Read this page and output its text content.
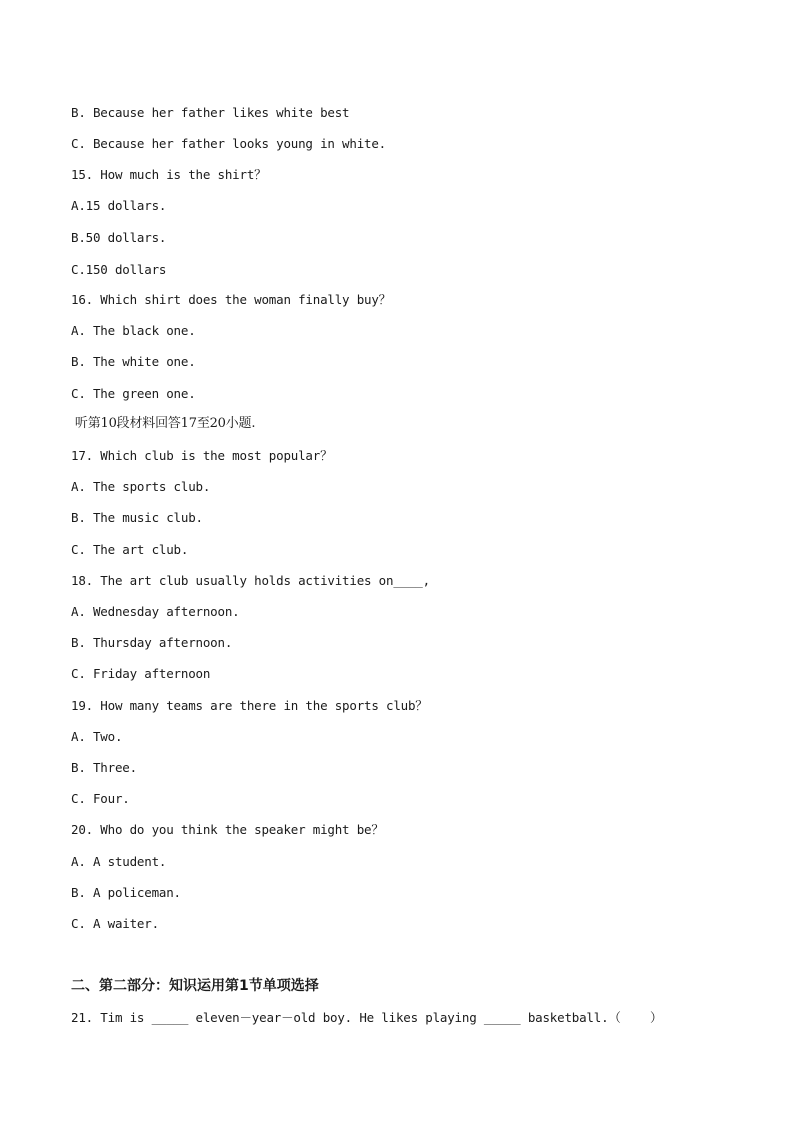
B. Because her father likes white best
C. Because her father looks young in white.
15. How much is the shirt？
A.15 dollars.
B.50 dollars.
C.150 dollars
16. Which shirt does the woman finally buy？
A. The black one.
B. The white one.
C. The green one.
听第10段材料回答17至20小题.
17. Which club is the most popular？
A. The sports club.
B. The music club.
C. The art club.
18. The art club usually holds activities on____,
A. Wednesday afternoon.
B. Thursday afternoon.
C. Friday afternoon
19. How many teams are there in the sports club？
A. Two.
B. Three.
C. Four.
20. Who do you think the speaker might be？
A. A student.
B. A policeman.
C. A waiter.
二、第二部分：知识运用第1节单项选择
21. Tim is _____ eleven－year－old boy. He likes playing _____ basketball.（    ）
